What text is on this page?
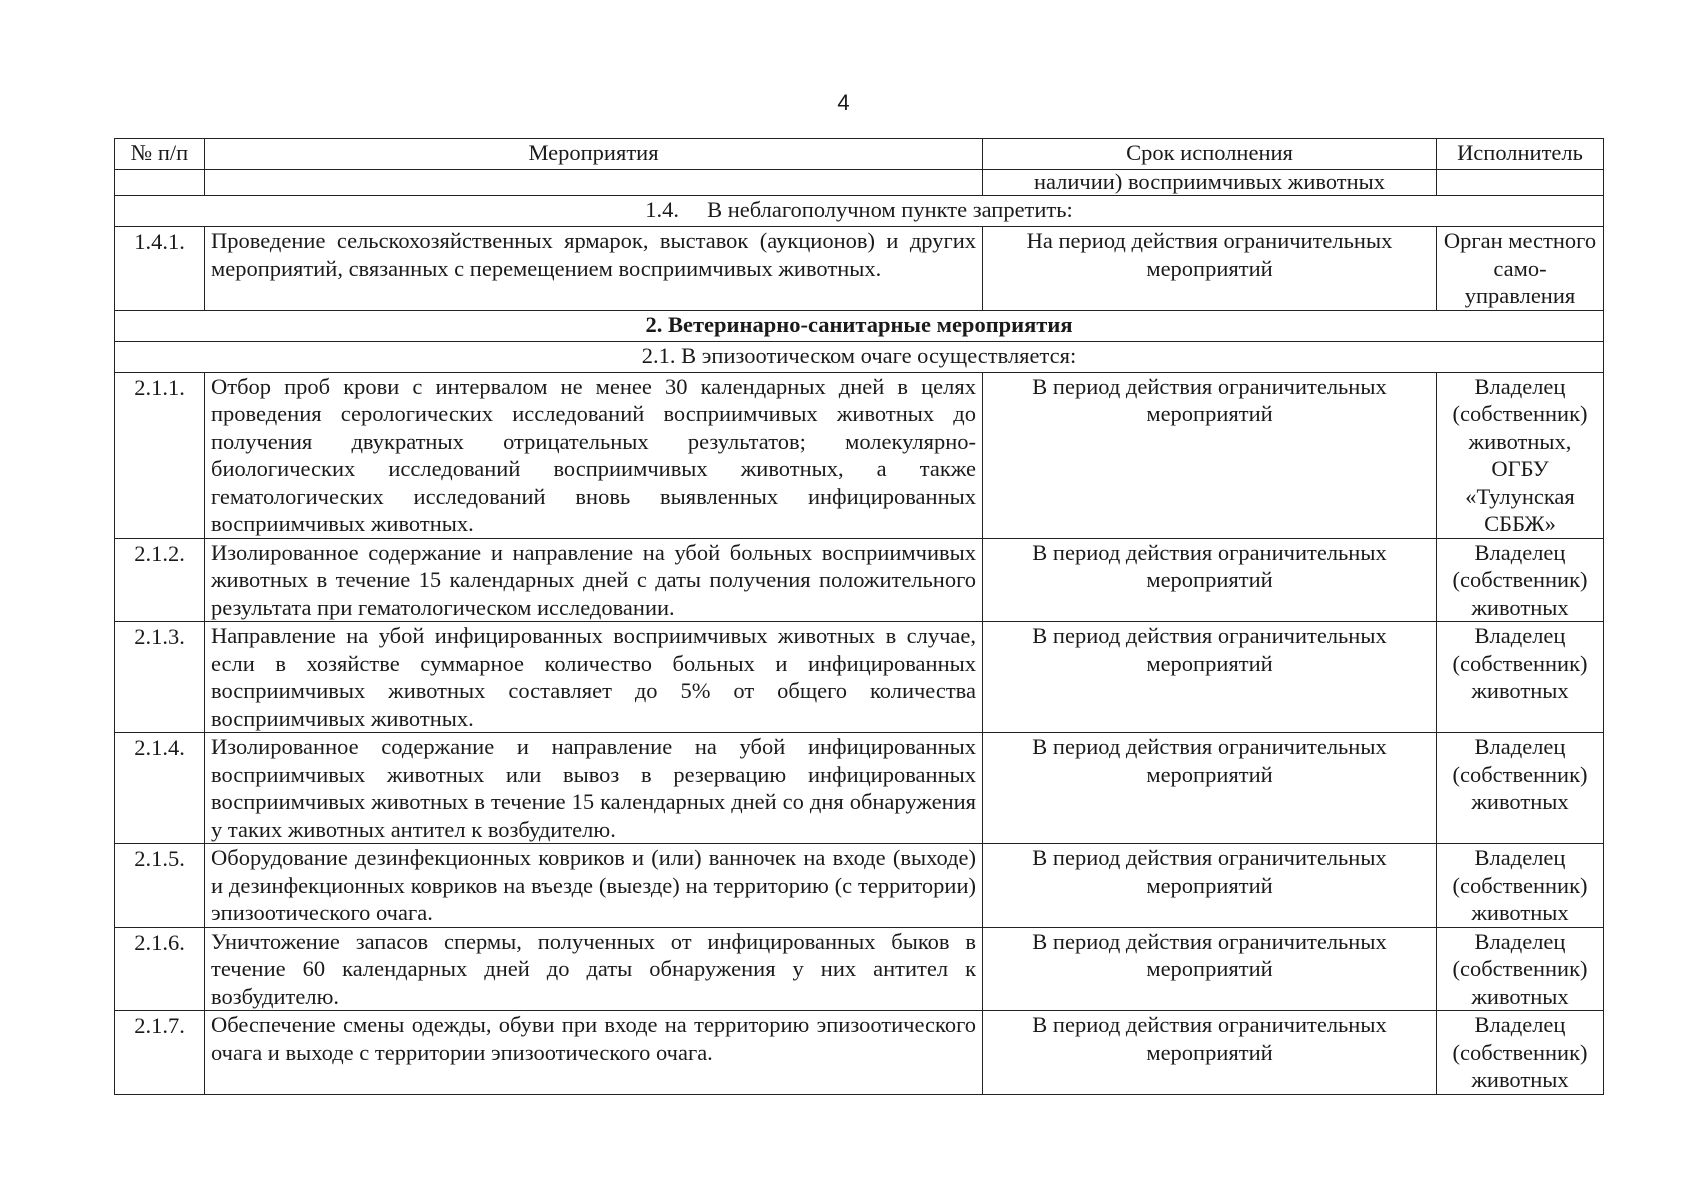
4
№ п/п	Мероприятия	Срок исполнения	Исполнитель
		наличии) восприимчивых животных	
1.4.     В неблагополучном пункте запретить:			
1.4.1.	Проведение сельскохозяйственных ярмарок, выставок (аукционов) и других мероприятий, связанных с перемещением восприимчивых животных.	На период действия ограничительных мероприятий	Орган местного само-управления
2. Ветеринарно-санитарные мероприятия			
2.1. В эпизоотическом очаге осуществляется:			
2.1.1.	Отбор проб крови с интервалом не менее 30 календарных дней в целях проведения серологических исследований восприимчивых животных до получения двукратных отрицательных результатов; молекулярно-биологических исследований восприимчивых животных, а также гематологических исследований вновь выявленных инфицированных восприимчивых животных.	В период действия ограничительных мероприятий	Владелец (собственник) животных, ОГБУ «Тулунская СББЖ»
2.1.2.	Изолированное содержание и направление на убой больных восприимчивых животных в течение 15 календарных дней с даты получения положительного результата при гематологическом исследовании.	В период действия ограничительных мероприятий	Владелец (собственник) животных
2.1.3.	Направление на убой инфицированных восприимчивых животных в случае, если в хозяйстве суммарное количество больных и инфицированных восприимчивых животных составляет до 5% от общего количества восприимчивых животных.	В период действия ограничительных мероприятий	Владелец (собственник) животных
2.1.4.	Изолированное содержание и направление на убой инфицированных восприимчивых животных или вывоз в резервацию инфицированных восприимчивых животных в течение 15 календарных дней со дня обнаружения у таких животных антител к возбудителю.	В период действия ограничительных мероприятий	Владелец (собственник) животных
2.1.5.	Оборудование дезинфекционных ковриков и (или) ванночек на входе (выходе) и дезинфекционных ковриков на въезде (выезде) на территорию (с территории) эпизоотического очага.	В период действия ограничительных мероприятий	Владелец (собственник) животных
2.1.6.	Уничтожение запасов спермы, полученных от инфицированных быков в течение 60 календарных дней до даты обнаружения у них антител к возбудителю.	В период действия ограничительных мероприятий	Владелец (собственник) животных
2.1.7.	Обеспечение смены одежды, обуви при входе на территорию эпизоотического очага и выходе с территории эпизоотического очага.	В период действия ограничительных мероприятий	Владелец (собственник) животных
